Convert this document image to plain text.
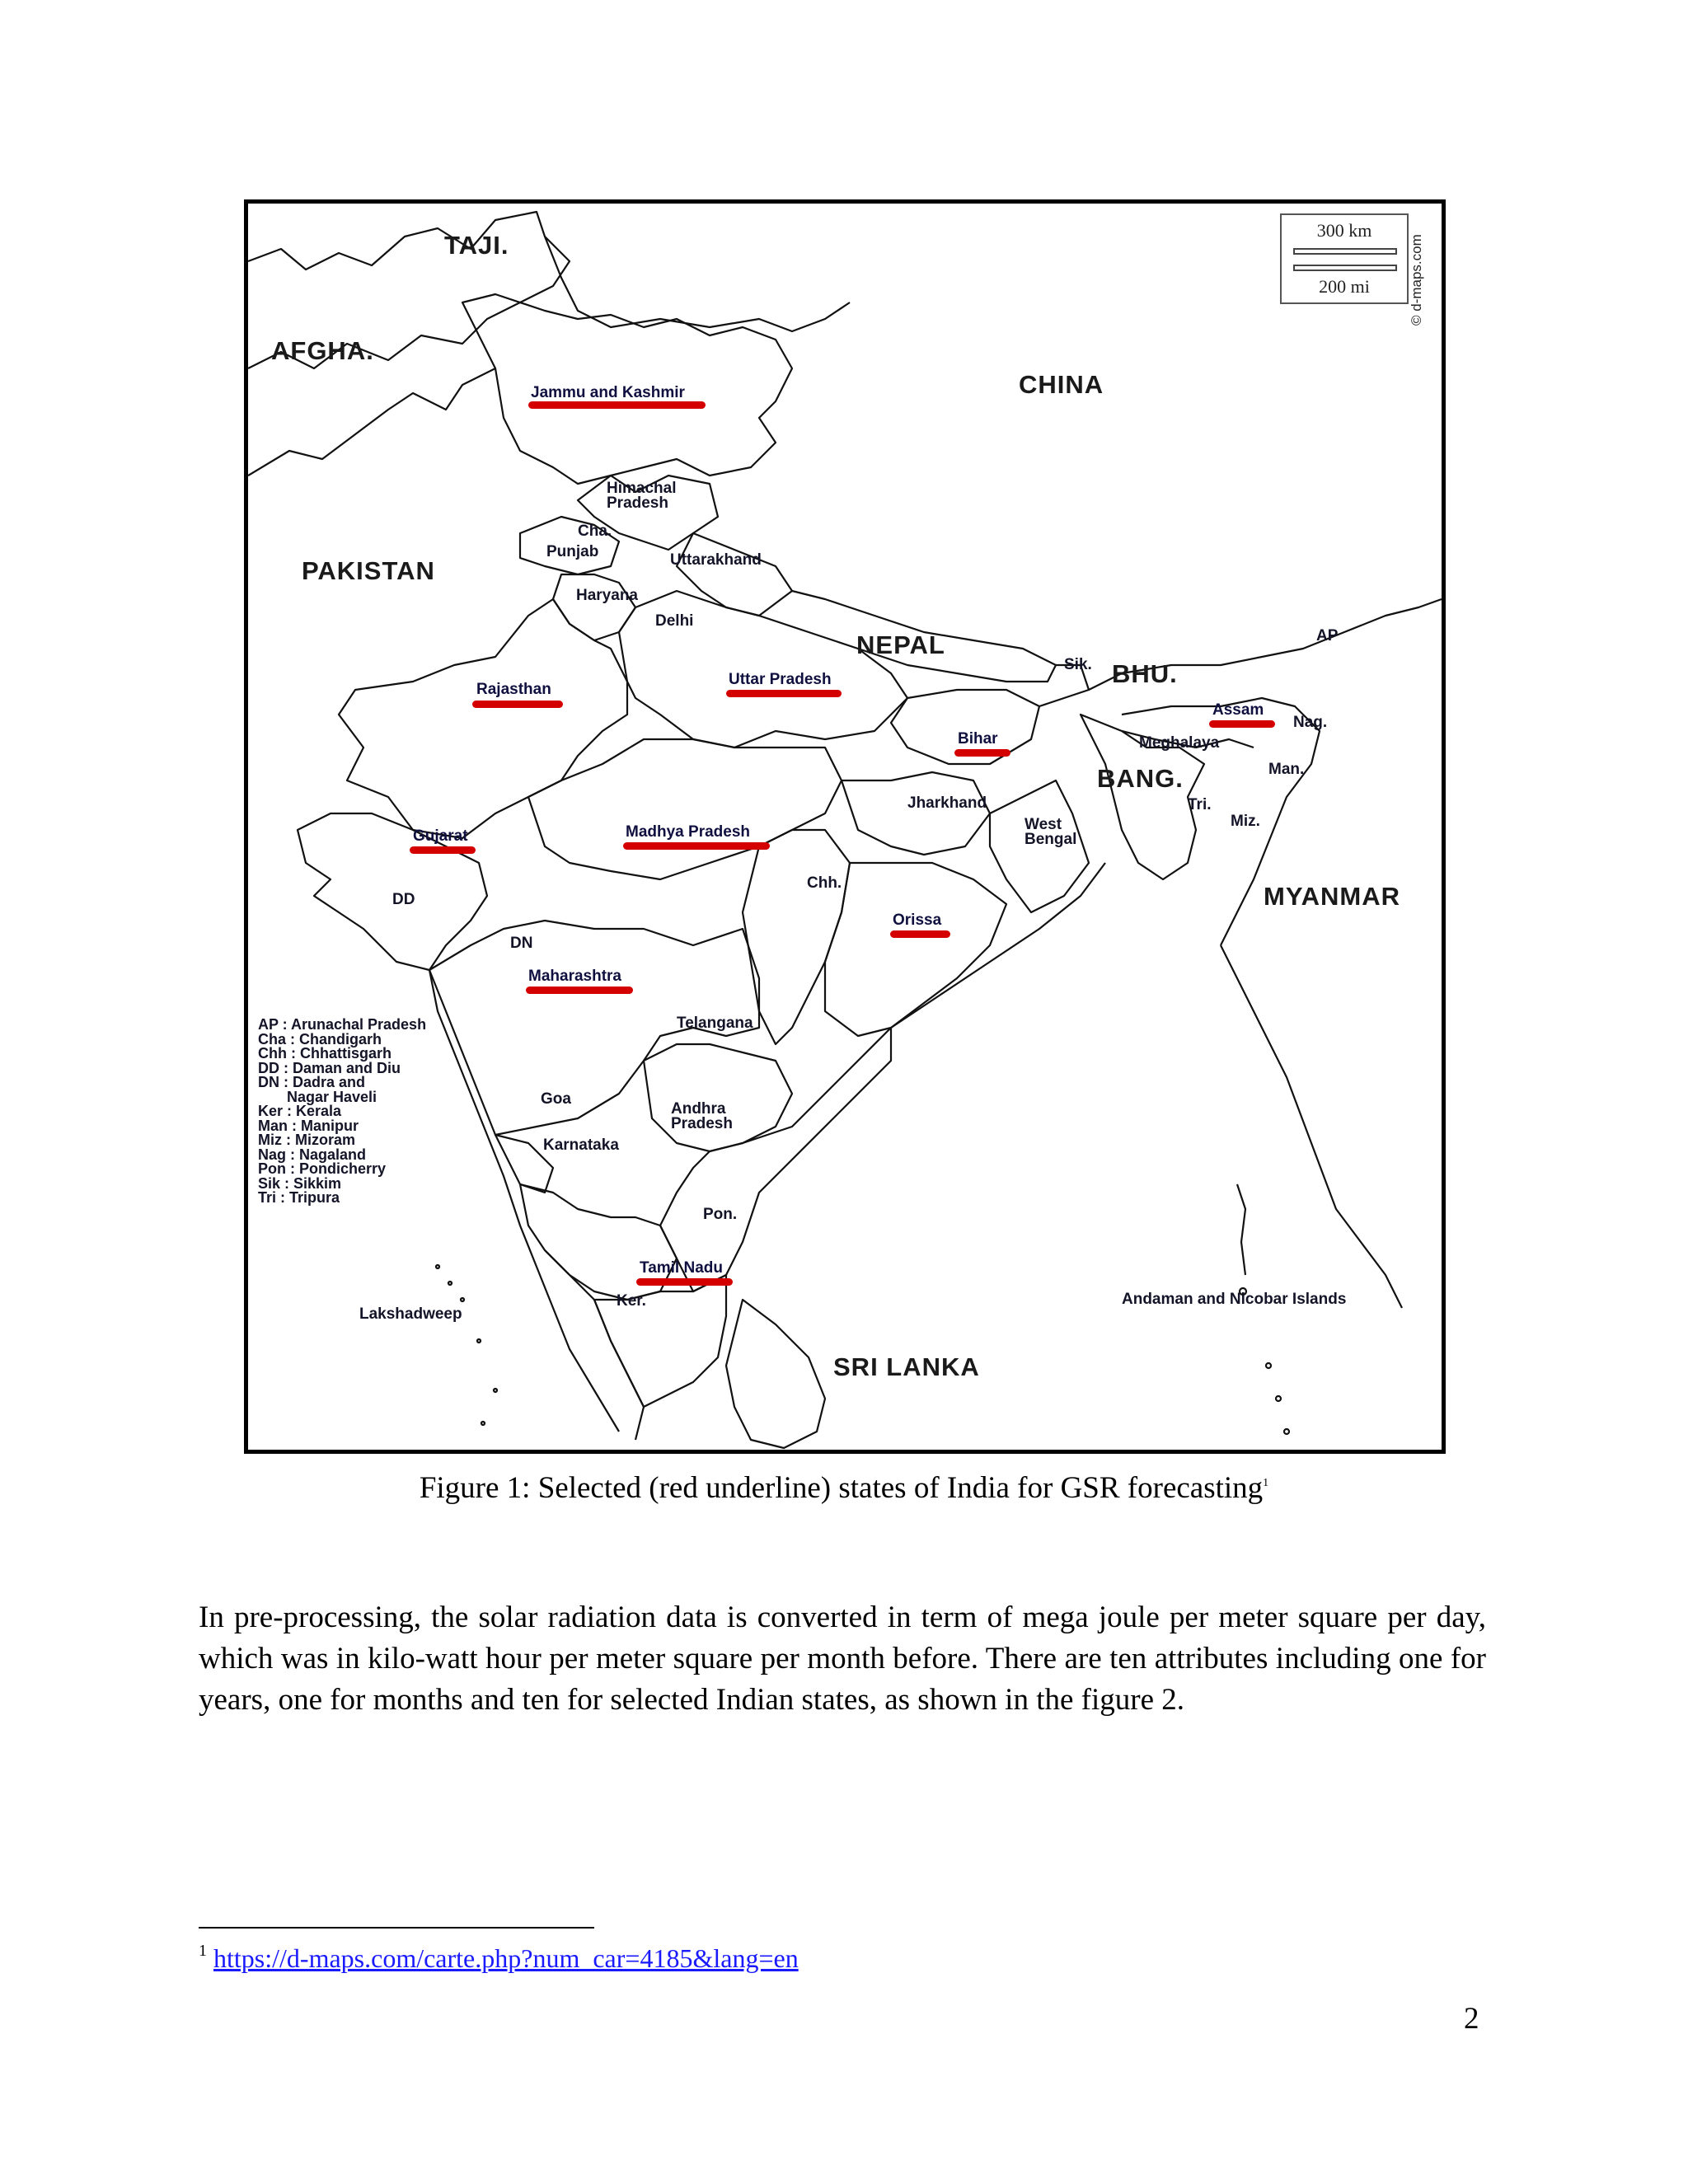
TAJI.
AFGHA.
CHINA
PAKISTAN
NEPAL
BHU.
BANG.
MYANMAR
SRI LANKA
Jammu and Kashmir
Rajasthan
Uttar Pradesh
Bihar
Assam
Gujarat	Madhya Pradesh
Orissa
Maharashtra
Tamil Nadu
Himachal
Pradesh
Cha.
Punjab	Uttarakhand
Haryana
Delhi
Sik.
AP
Nag.
Meghalaya
Man.
Tri.
Miz.
Jharkhand
West
Bengal
Chh.
DD
DN
Telangana
Goa
Andhra
Pradesh
Karnataka
Pon.
Ker.
Lakshadweep
Andaman and Nicobar Islands
300 km
200 mi	© d-maps.com
AP : Arunachal Pradesh
Cha : Chandigarh
Chh : Chhattisgarh
DD : Daman and Diu
DN : Dadra and
Nagar Haveli
Ker : Kerala
Man : Manipur
Miz : Mizoram
Nag : Nagaland
Pon : Pondicherry
Sik : Sikkim
Tri : Tripura
Figure 1: Selected (red underline) states of India for GSR forecasting$^1$
In pre-processing, the solar radiation data is converted in term of mega joule per meter square per day, which was in kilo-watt hour per meter square per month before. There are ten attributes including one for years, one for months and ten for selected Indian states, as shown in the figure 2.
$^1$ https://d-maps.com/carte.php?num_car=4185&lang=en
2
